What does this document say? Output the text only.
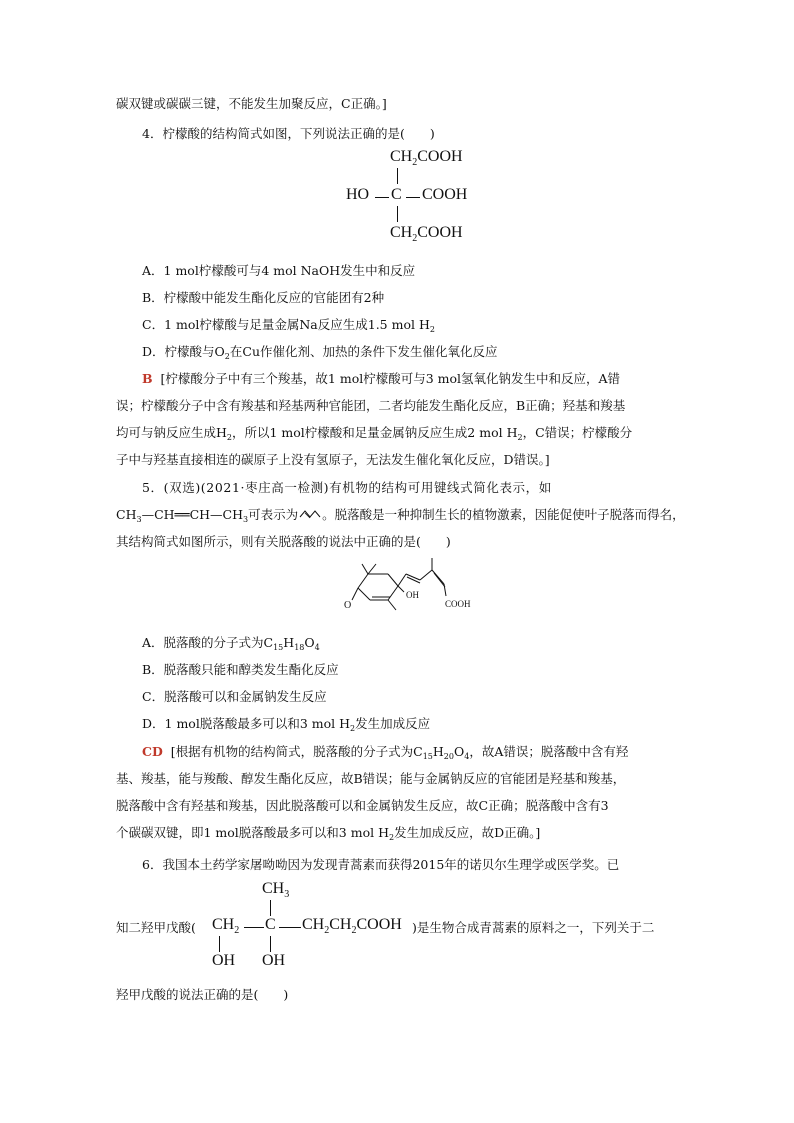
碳双键或碳碳三键，不能发生加聚反应，C正确。]
4．柠檬酸的结构简式如图，下列说法正确的是(　　)
$CH_2COOH$
HO C COOH
$CH_2COOH$
A．1 mol柠檬酸可与4 mol NaOH发生中和反应
B．柠檬酸中能发生酯化反应的官能团有2种
C．1 mol柠檬酸与足量金属Na反应生成1.5 mol $H_2$
D．柠檬酸与$O_2$在Cu作催化剂、加热的条件下发生催化氧化反应
B [柠檬酸分子中有三个羧基，故1 mol柠檬酸可与3 mol氢氧化钠发生中和反应，A错
误；柠檬酸分子中含有羧基和羟基两种官能团，二者均能发生酯化反应，B正确；羟基和羧基
均可与钠反应生成$H_2$，所以1 mol柠檬酸和足量金属钠反应生成2 mol $H_2$，C错误；柠檬酸分
子中与羟基直接相连的碳原子上没有氢原子，无法发生催化氧化反应，D错误。]
5．(双选)(2021·枣庄高一检测)有机物的结构可用键线式简化表示，如
$CH_3—CH══CH—CH_3$可表示为 。脱落酸是一种抑制生长的植物激素，因能促使叶子脱落而得名，
其结构简式如图所示，则有关脱落酸的说法中正确的是(　　)
OH
COOH
O
A．脱落酸的分子式为$C_{15}H_{18}O_4$
B．脱落酸只能和醇类发生酯化反应
C．脱落酸可以和金属钠发生反应
D．1 mol脱落酸最多可以和3 mol $H_2$发生加成反应
CD [根据有机物的结构简式，脱落酸的分子式为$C_{15}H_{20}O_4$，故A错误；脱落酸中含有羟
基、羧基，能与羧酸、醇发生酯化反应，故B错误；能与金属钠反应的官能团是羟基和羧基，
脱落酸中含有羟基和羧基，因此脱落酸可以和金属钠发生反应，故C正确；脱落酸中含有3
个碳碳双键，即1 mol脱落酸最多可以和3 mol $H_2$发生加成反应，故D正确。]
6．我国本土药学家屠呦呦因为发现青蒿素而获得2015年的诺贝尔生理学或医学奖。已
知二羟甲戊酸(
$CH_3$
$CH_2$ C $CH_2CH_2COOH$ )是生物合成青蒿素的原料之一，下列关于二
OH OH
羟甲戊酸的说法正确的是(　　)
